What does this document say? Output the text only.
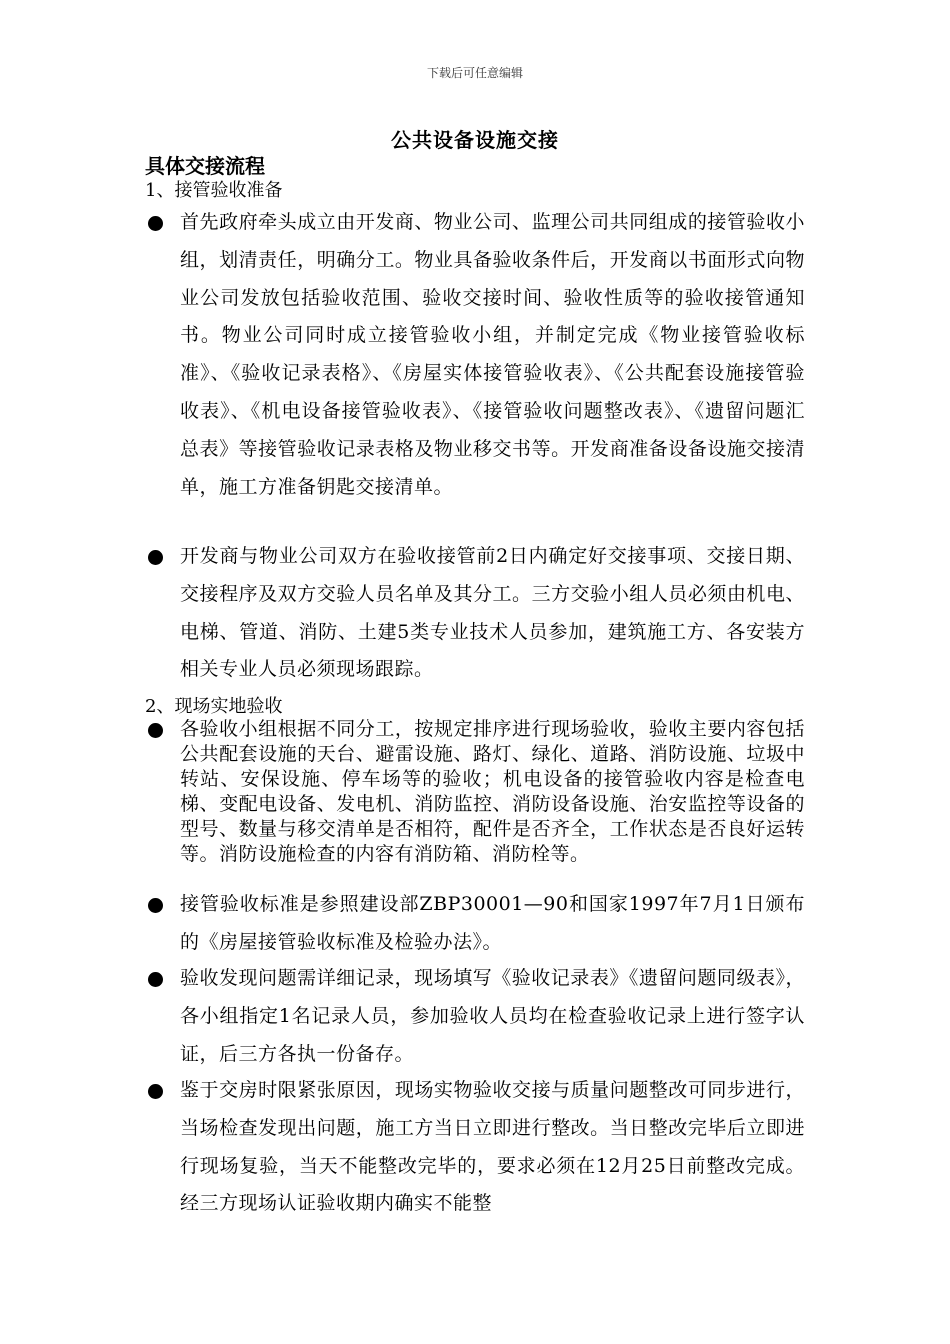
下载后可任意编辑
公共设备设施交接
具体交接流程
1、接管验收准备
首先政府牵头成立由开发商、物业公司、监理公司共同组成的接管验收小组，划清责任，明确分工。物业具备验收条件后，开发商以书面形式向物业公司发放包括验收范围、验收交接时间、验收性质等的验收接管通知书。物业公司同时成立接管验收小组，并制定完成《物业接管验收标准》、《验收记录表格》、《房屋实体接管验收表》、《公共配套设施接管验收表》、《机电设备接管验收表》、《接管验收问题整改表》、《遗留问题汇总表》等接管验收记录表格及物业移交书等。开发商准备设备设施交接清单，施工方准备钥匙交接清单。
开发商与物业公司双方在验收接管前2日内确定好交接事项、交接日期、交接程序及双方交验人员名单及其分工。三方交验小组人员必须由机电、电梯、管道、消防、土建5类专业技术人员参加，建筑施工方、各安装方相关专业人员必须现场跟踪。
2、现场实地验收
各验收小组根据不同分工，按规定排序进行现场验收，验收主要内容包括公共配套设施的天台、避雷设施、路灯、绿化、道路、消防设施、垃圾中转站、安保设施、停车场等的验收；机电设备的接管验收内容是检查电梯、变配电设备、发电机、消防监控、消防设备设施、治安监控等设备的型号、数量与移交清单是否相符，配件是否齐全，工作状态是否良好运转等。消防设施检查的内容有消防箱、消防栓等。
接管验收标准是参照建设部ZBP30001—90和国家1997年7月1日颁布的《房屋接管验收标准及检验办法》。
验收发现问题需详细记录，现场填写《验收记录表》《遗留问题同级表》，各小组指定1名记录人员，参加验收人员均在检查验收记录上进行签字认证，后三方各执一份备存。
鉴于交房时限紧张原因，现场实物验收交接与质量问题整改可同步进行，当场检查发现出问题，施工方当日立即进行整改。当日整改完毕后立即进行现场复验，当天不能整改完毕的，要求必须在12月25日前整改完成。经三方现场认证验收期内确实不能整
